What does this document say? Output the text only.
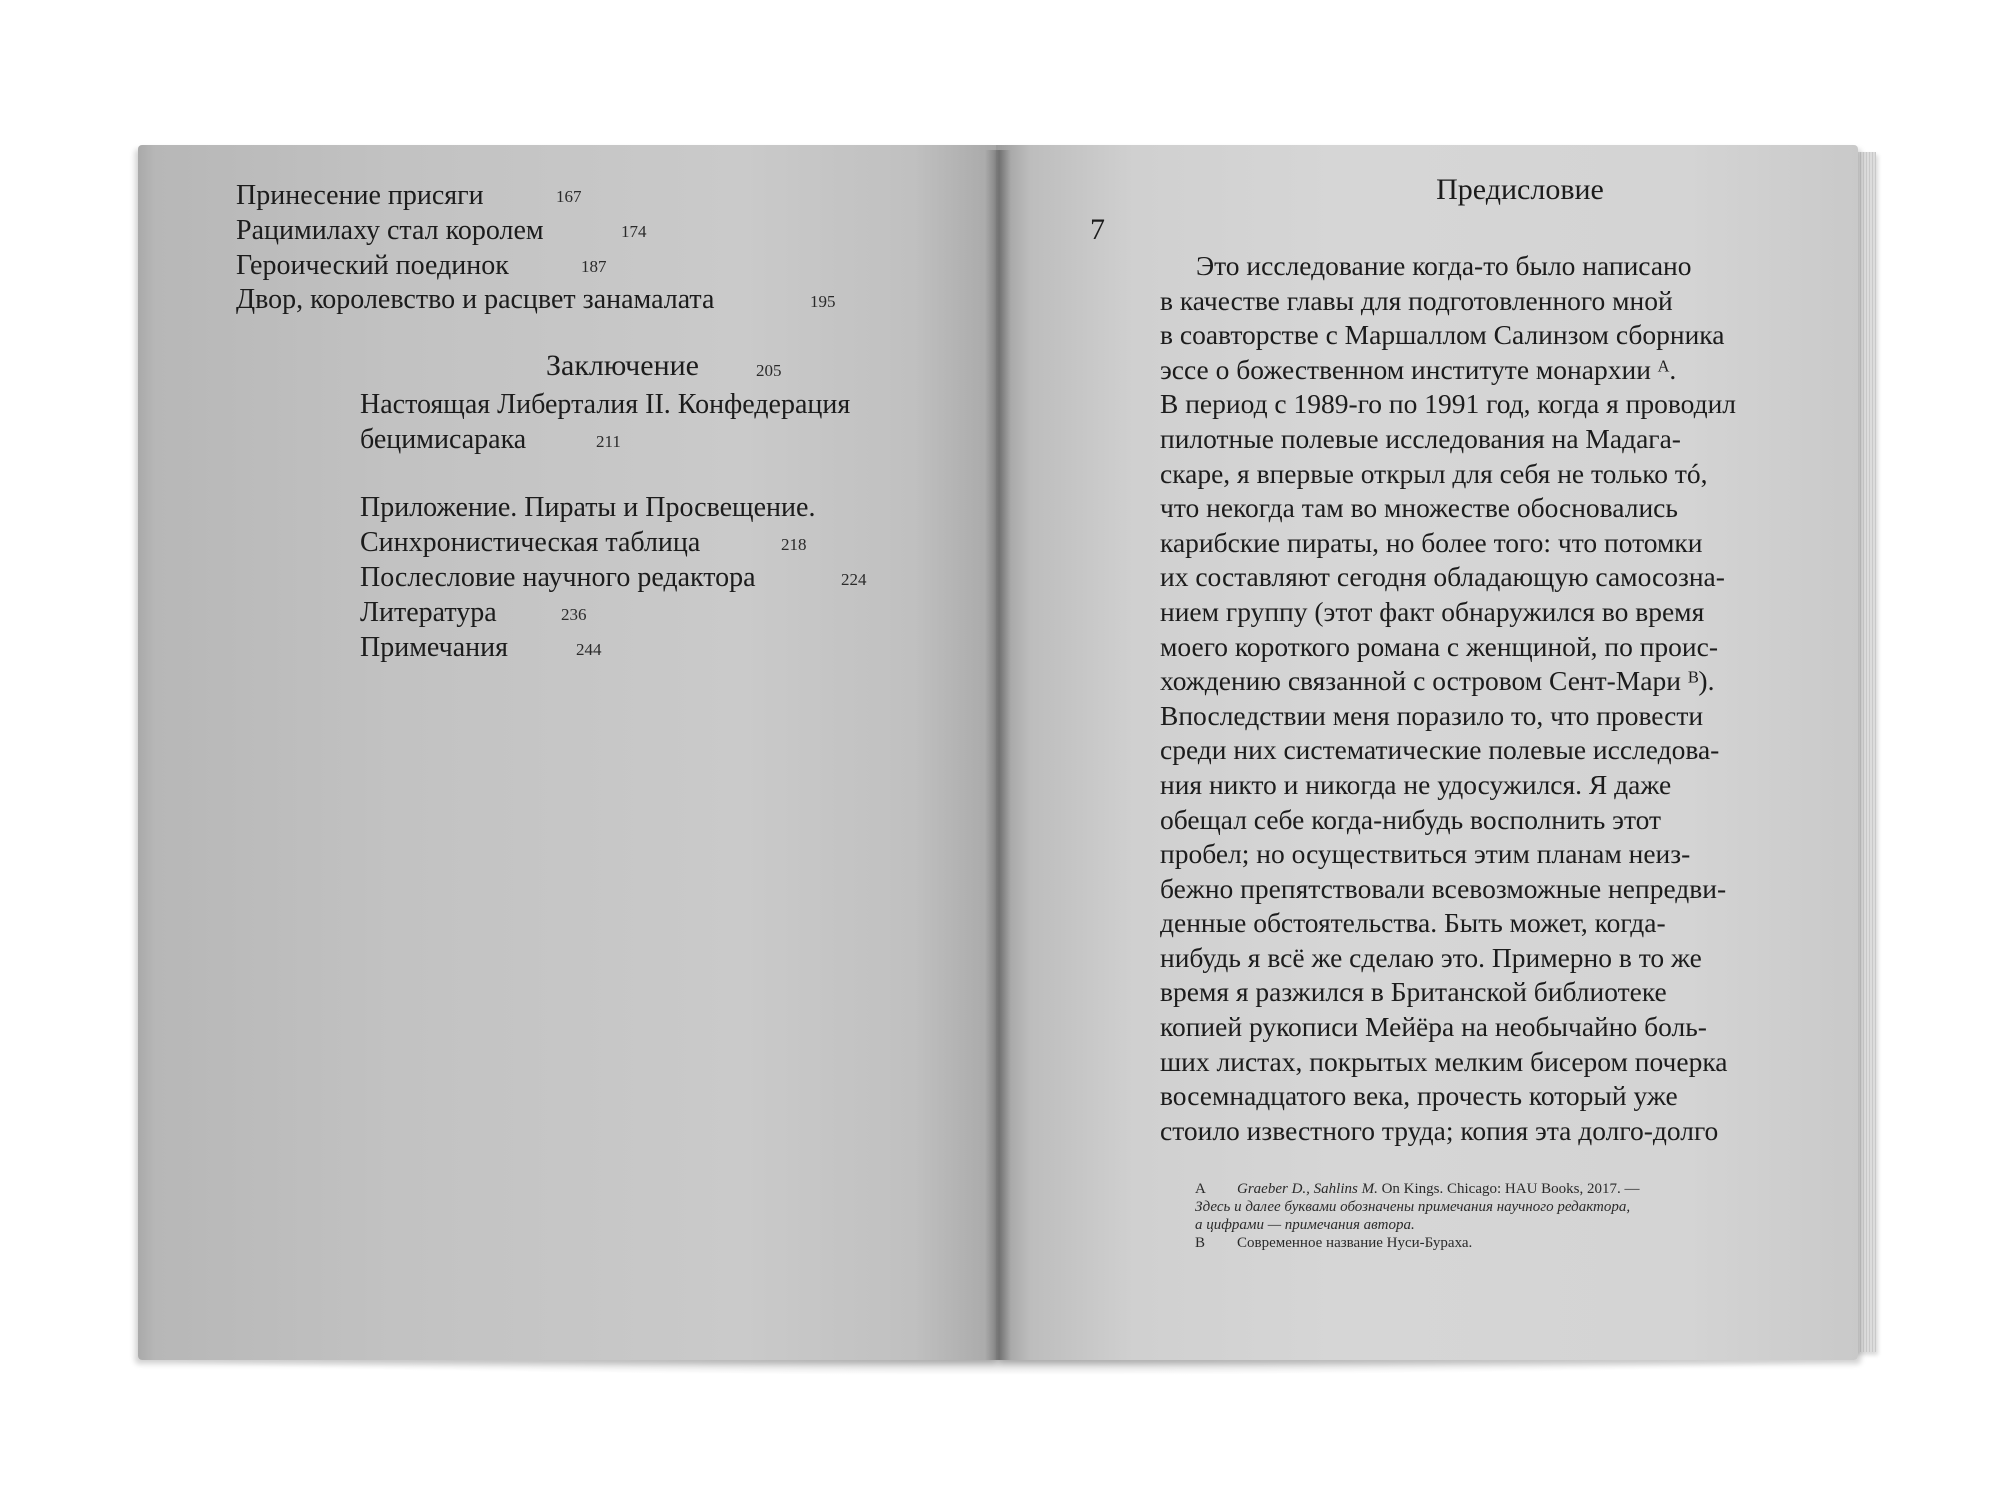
Принесение присяги	167
Рацимилаху стал королем	174
Героический поединок	187
Двор, королевство и расцвет занамалата	195
Заключение	205
Настоящая Либерталия II. Конфедерация
бецимисарака	211
Приложение. Пираты и Просвещение.
Синхронистическая таблица	218
Послесловие научного редактора	224
Литература	236
Примечания	244
7
Предисловие
Это исследование когда-то было написано
в качестве главы для подготовленного мной
в соавторстве с Маршаллом Салинзом сборника
эссе о божественном институте монархии ᴬ.
В период с 1989-го по 1991 год, когда я проводил
пилотные полевые исследования на Мадага-
скаре, я впервые открыл для себя не только тó,
что некогда там во множестве обосновались
карибские пираты, но более того: что потомки
их составляют сегодня обладающую самосозна-
нием группу (этот факт обнаружился во время
моего короткого романа с женщиной, по проис-
хождению связанной с островом Сент-Мари ᴮ).
Впоследствии меня поразило то, что провести
среди них систематические полевые исследова-
ния никто и никогда не удосужился. Я даже
обещал себе когда-нибудь восполнить этот
пробел; но осуществиться этим планам неиз-
бежно препятствовали всевозможные непредви-
денные обстоятельства. Быть может, когда-
нибудь я всё же сделаю это. Примерно в то же
время я разжился в Британской библиотеке
копией рукописи Мейёра на необычайно боль-
ших листах, покрытых мелким бисером почерка
восемнадцатого века, прочесть который уже
стоило известного труда; копия эта долго-долго
A Graeber D., Sahlins M. On Kings. Chicago: HAU Books, 2017. —
Здесь и далее буквами обозначены примечания научного редактора,
а цифрами — примечания автора.
B Современное название Нуси-Бураха.
